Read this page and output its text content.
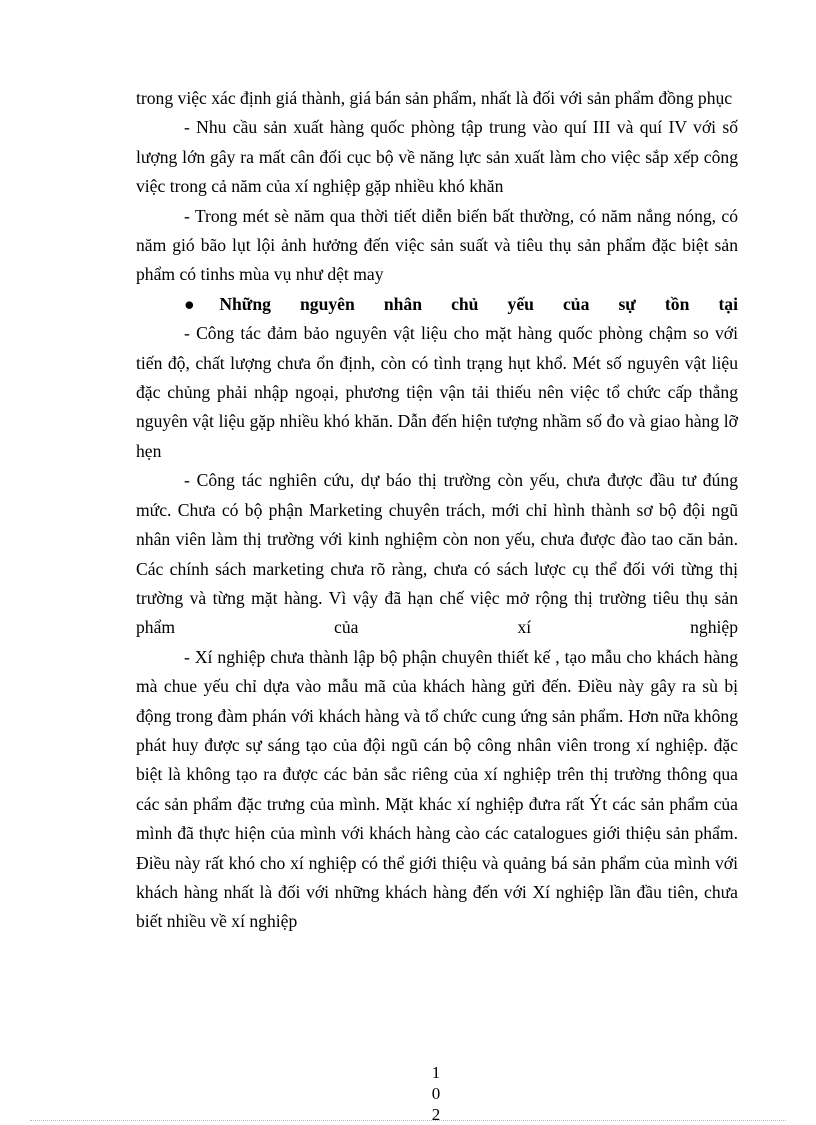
trong việc xác định giá thành, giá bán sản phẩm, nhất là đối với sản phẩm đồng phục

- Nhu cầu sản xuất hàng quốc phòng tập trung vào quí III và quí IV với số lượng lớn gây ra mất cân đối cục bộ về năng lực sản xuất làm cho việc sắp xếp công việc trong cả năm của xí nghiệp gặp nhiều khó khăn

- Trong mét sè năm qua thời tiết diễn biến bất thường, có năm nắng nóng, có năm gió bão lụt lội ảnh hưởng đến việc sản suất và tiêu thụ sản phẩm đặc biệt sản phẩm có tinhs mùa vụ như dệt may

●Những nguyên nhân chủ yếu của sự tồn tại

- Công tác đảm bảo nguyên vật liệu cho mặt hàng quốc phòng chậm so với tiến độ, chất lượng chưa ổn định, còn có tình trạng hụt khổ. Mét số nguyên vật liệu đặc chủng phải nhập ngoại, phương tiện vận tải thiếu nên việc tổ chức cấp thẳng nguyên vật liệu gặp nhiều khó khăn. Dẫn đến hiện tượng nhầm số đo và giao hàng lỡ hẹn

- Công tác nghiên cứu, dự báo thị trường còn yếu, chưa được đầu tư đúng mức. Chưa có bộ phận Marketing chuyên trách, mới chỉ hình thành sơ bộ đội ngũ nhân viên làm thị trường với kinh nghiệm còn non yếu, chưa được đào tao căn bản. Các chính sách marketing chưa rõ ràng, chưa có sách lược cụ thể đối với từng thị trường và từng mặt hàng. Vì vậy đã hạn chế việc mở rộng thị trường tiêu thụ sản phẩm của xí nghiệp

- Xí nghiệp chưa thành lập bộ phận chuyên thiết kế , tạo mẫu cho khách hàng mà chue yếu chỉ dựa vào mẫu mã của khách hàng gửi đến. Điều này gây ra sù bị động trong đàm phán với khách hàng và tổ chức cung ứng sản phẩm. Hơn nữa không phát huy được sự sáng tạo của đội ngũ cán bộ công nhân viên trong xí nghiệp. đặc biệt là không tạo ra được các bản sắc riêng của xí nghiệp trên thị trường thông qua các sản phẩm đặc trưng của mình. Mặt khác xí nghiệp đưra rất Ýt các sản phẩm của mình đã thực hiện của mình với khách hàng cào các catalogues giới thiệu sản phẩm. Điều này rất khó cho xí nghiệp có thể giới thiệu và quảng bá sản phẩm của mình với khách hàng nhất là đối với những khách hàng đến với Xí nghiệp lần đầu tiên, chưa biết nhiều về xí nghiệp

1
0
2
